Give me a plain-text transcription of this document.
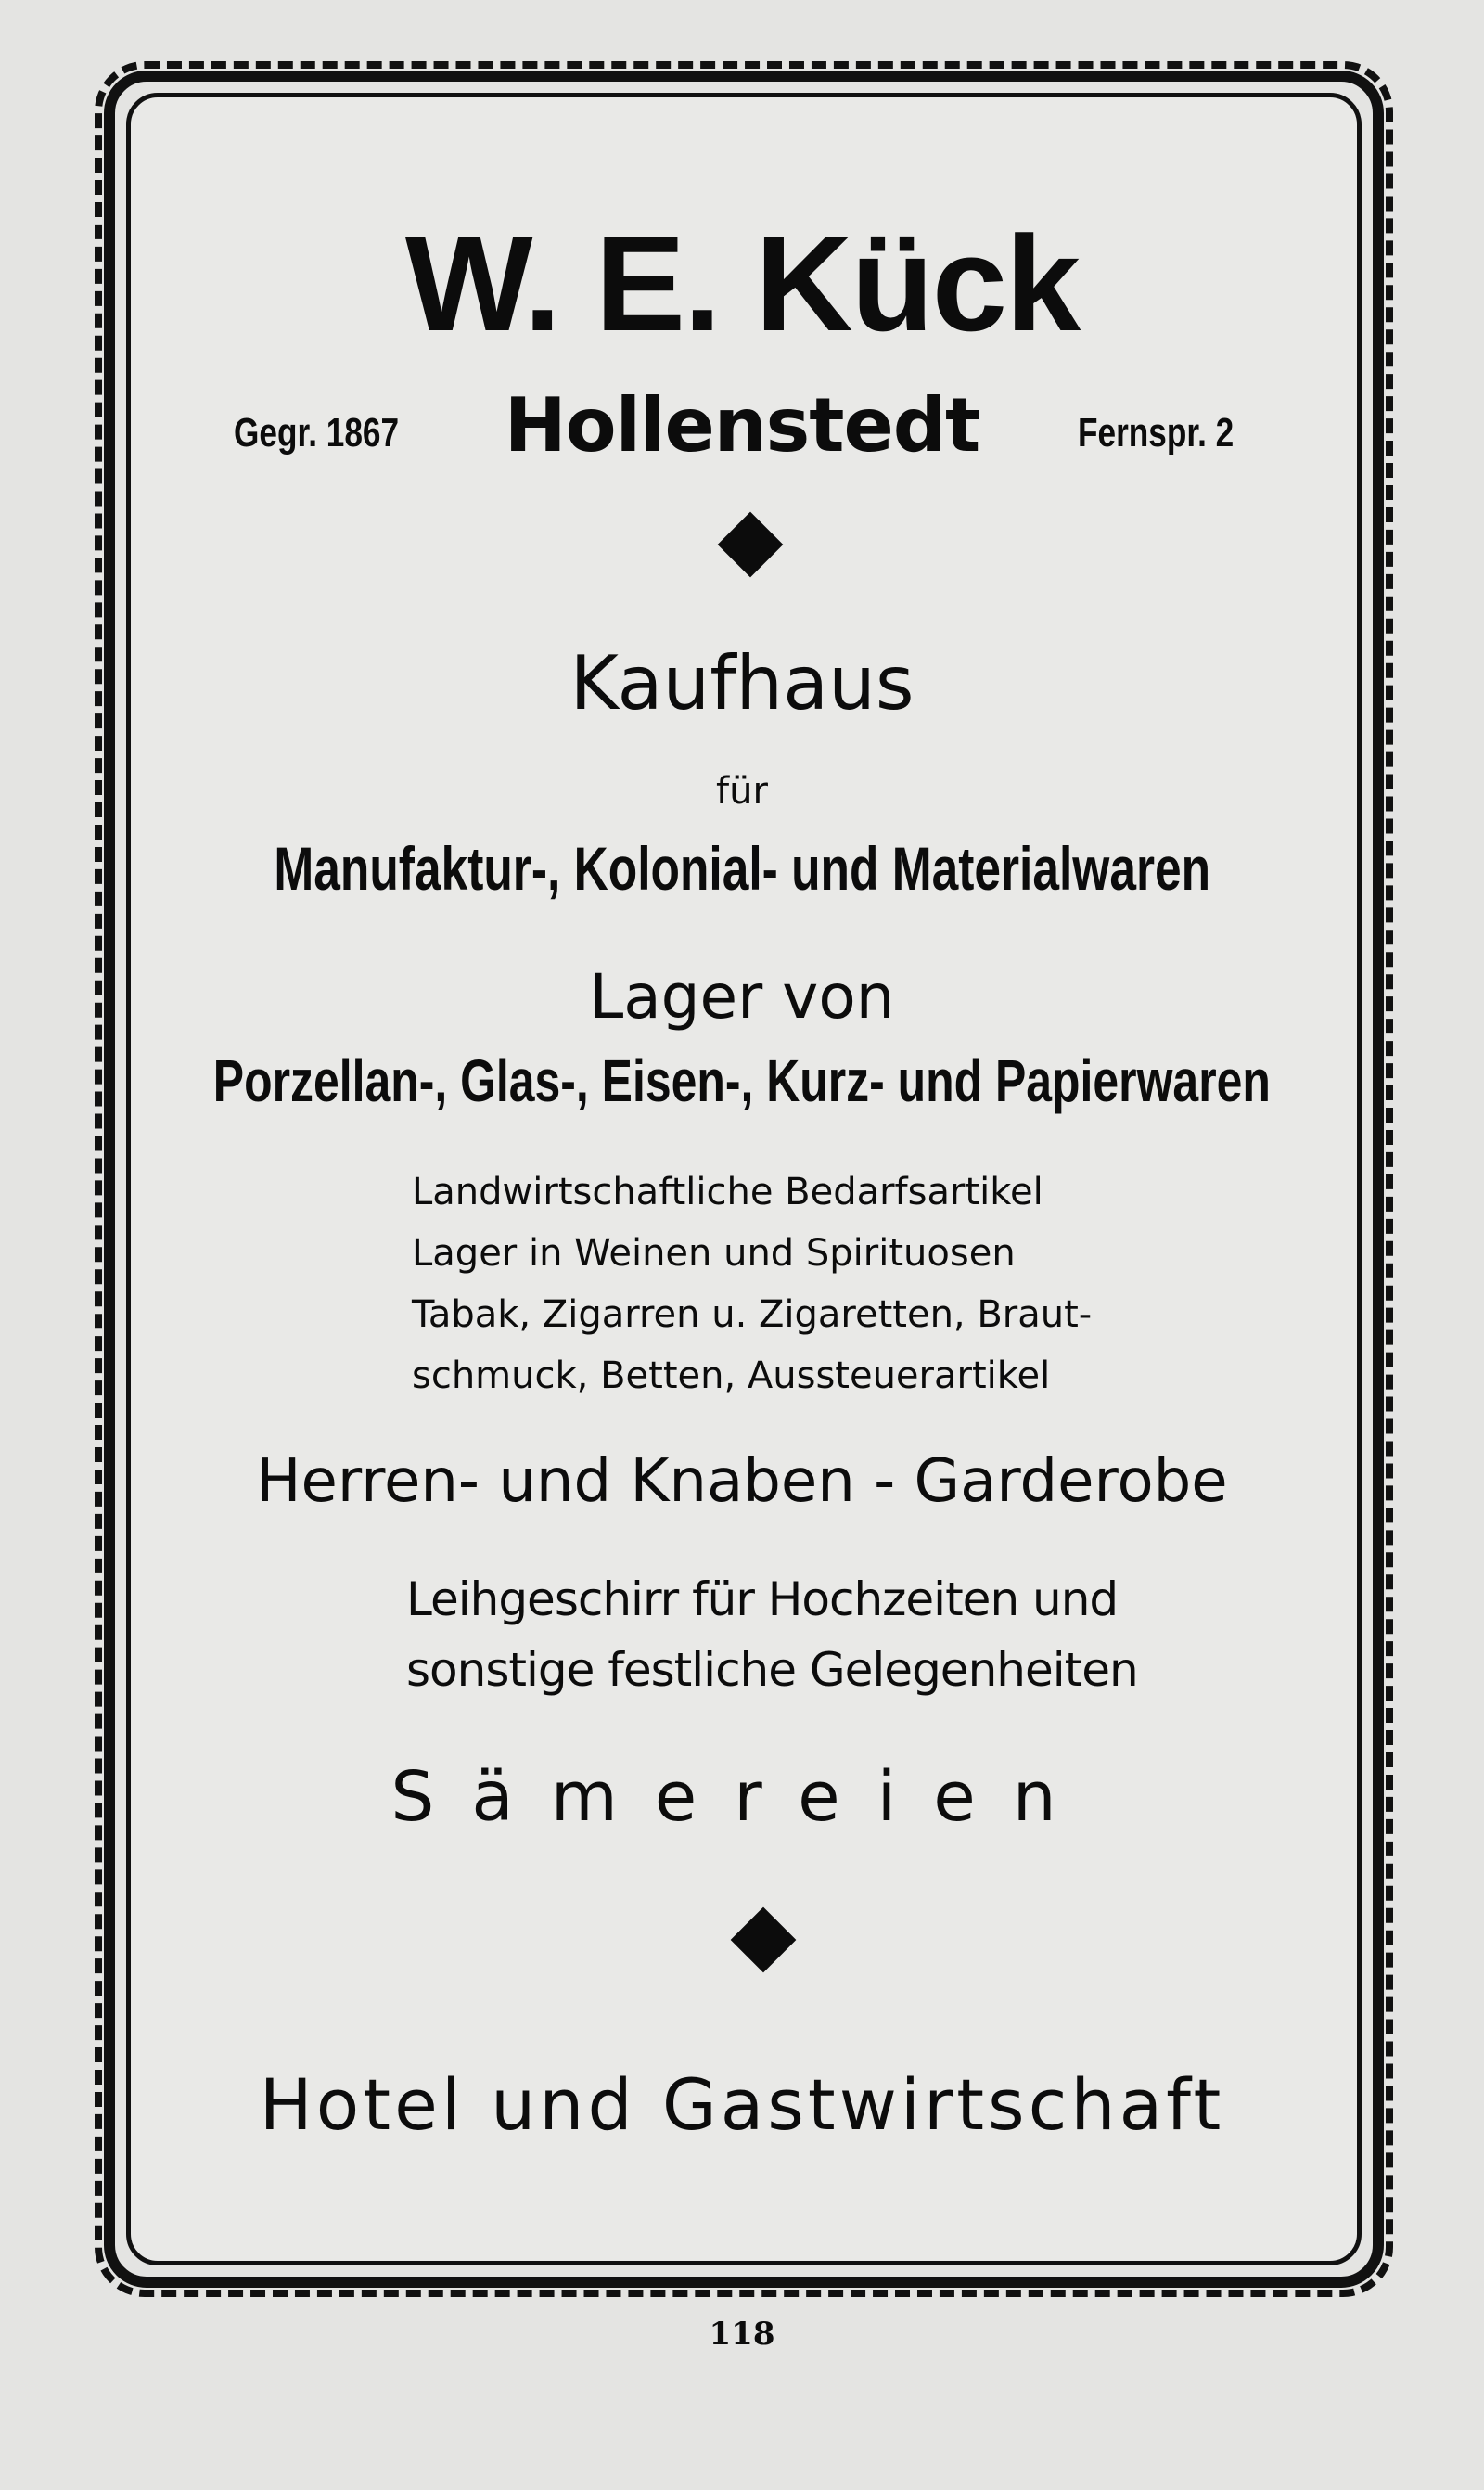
W. E. Kück
Gegr. 1867	Hollenstedt	Fernspr. 2
Kaufhaus
für
Manufaktur-, Kolonial- und Materialwaren
Lager von
Porzellan-, Glas-, Eisen-, Kurz- und Papierwaren
Landwirtschaftliche Bedarfsartikel
Lager in Weinen und Spirituosen
Tabak, Zigarren u. Zigaretten, Braut-
schmuck, Betten, Aussteuerartikel
Herren- und Knaben - Garderobe
Leihgeschirr für Hochzeiten und
sonstige festliche Gelegenheiten
Sämereien
Hotel und Gastwirtschaft
118
